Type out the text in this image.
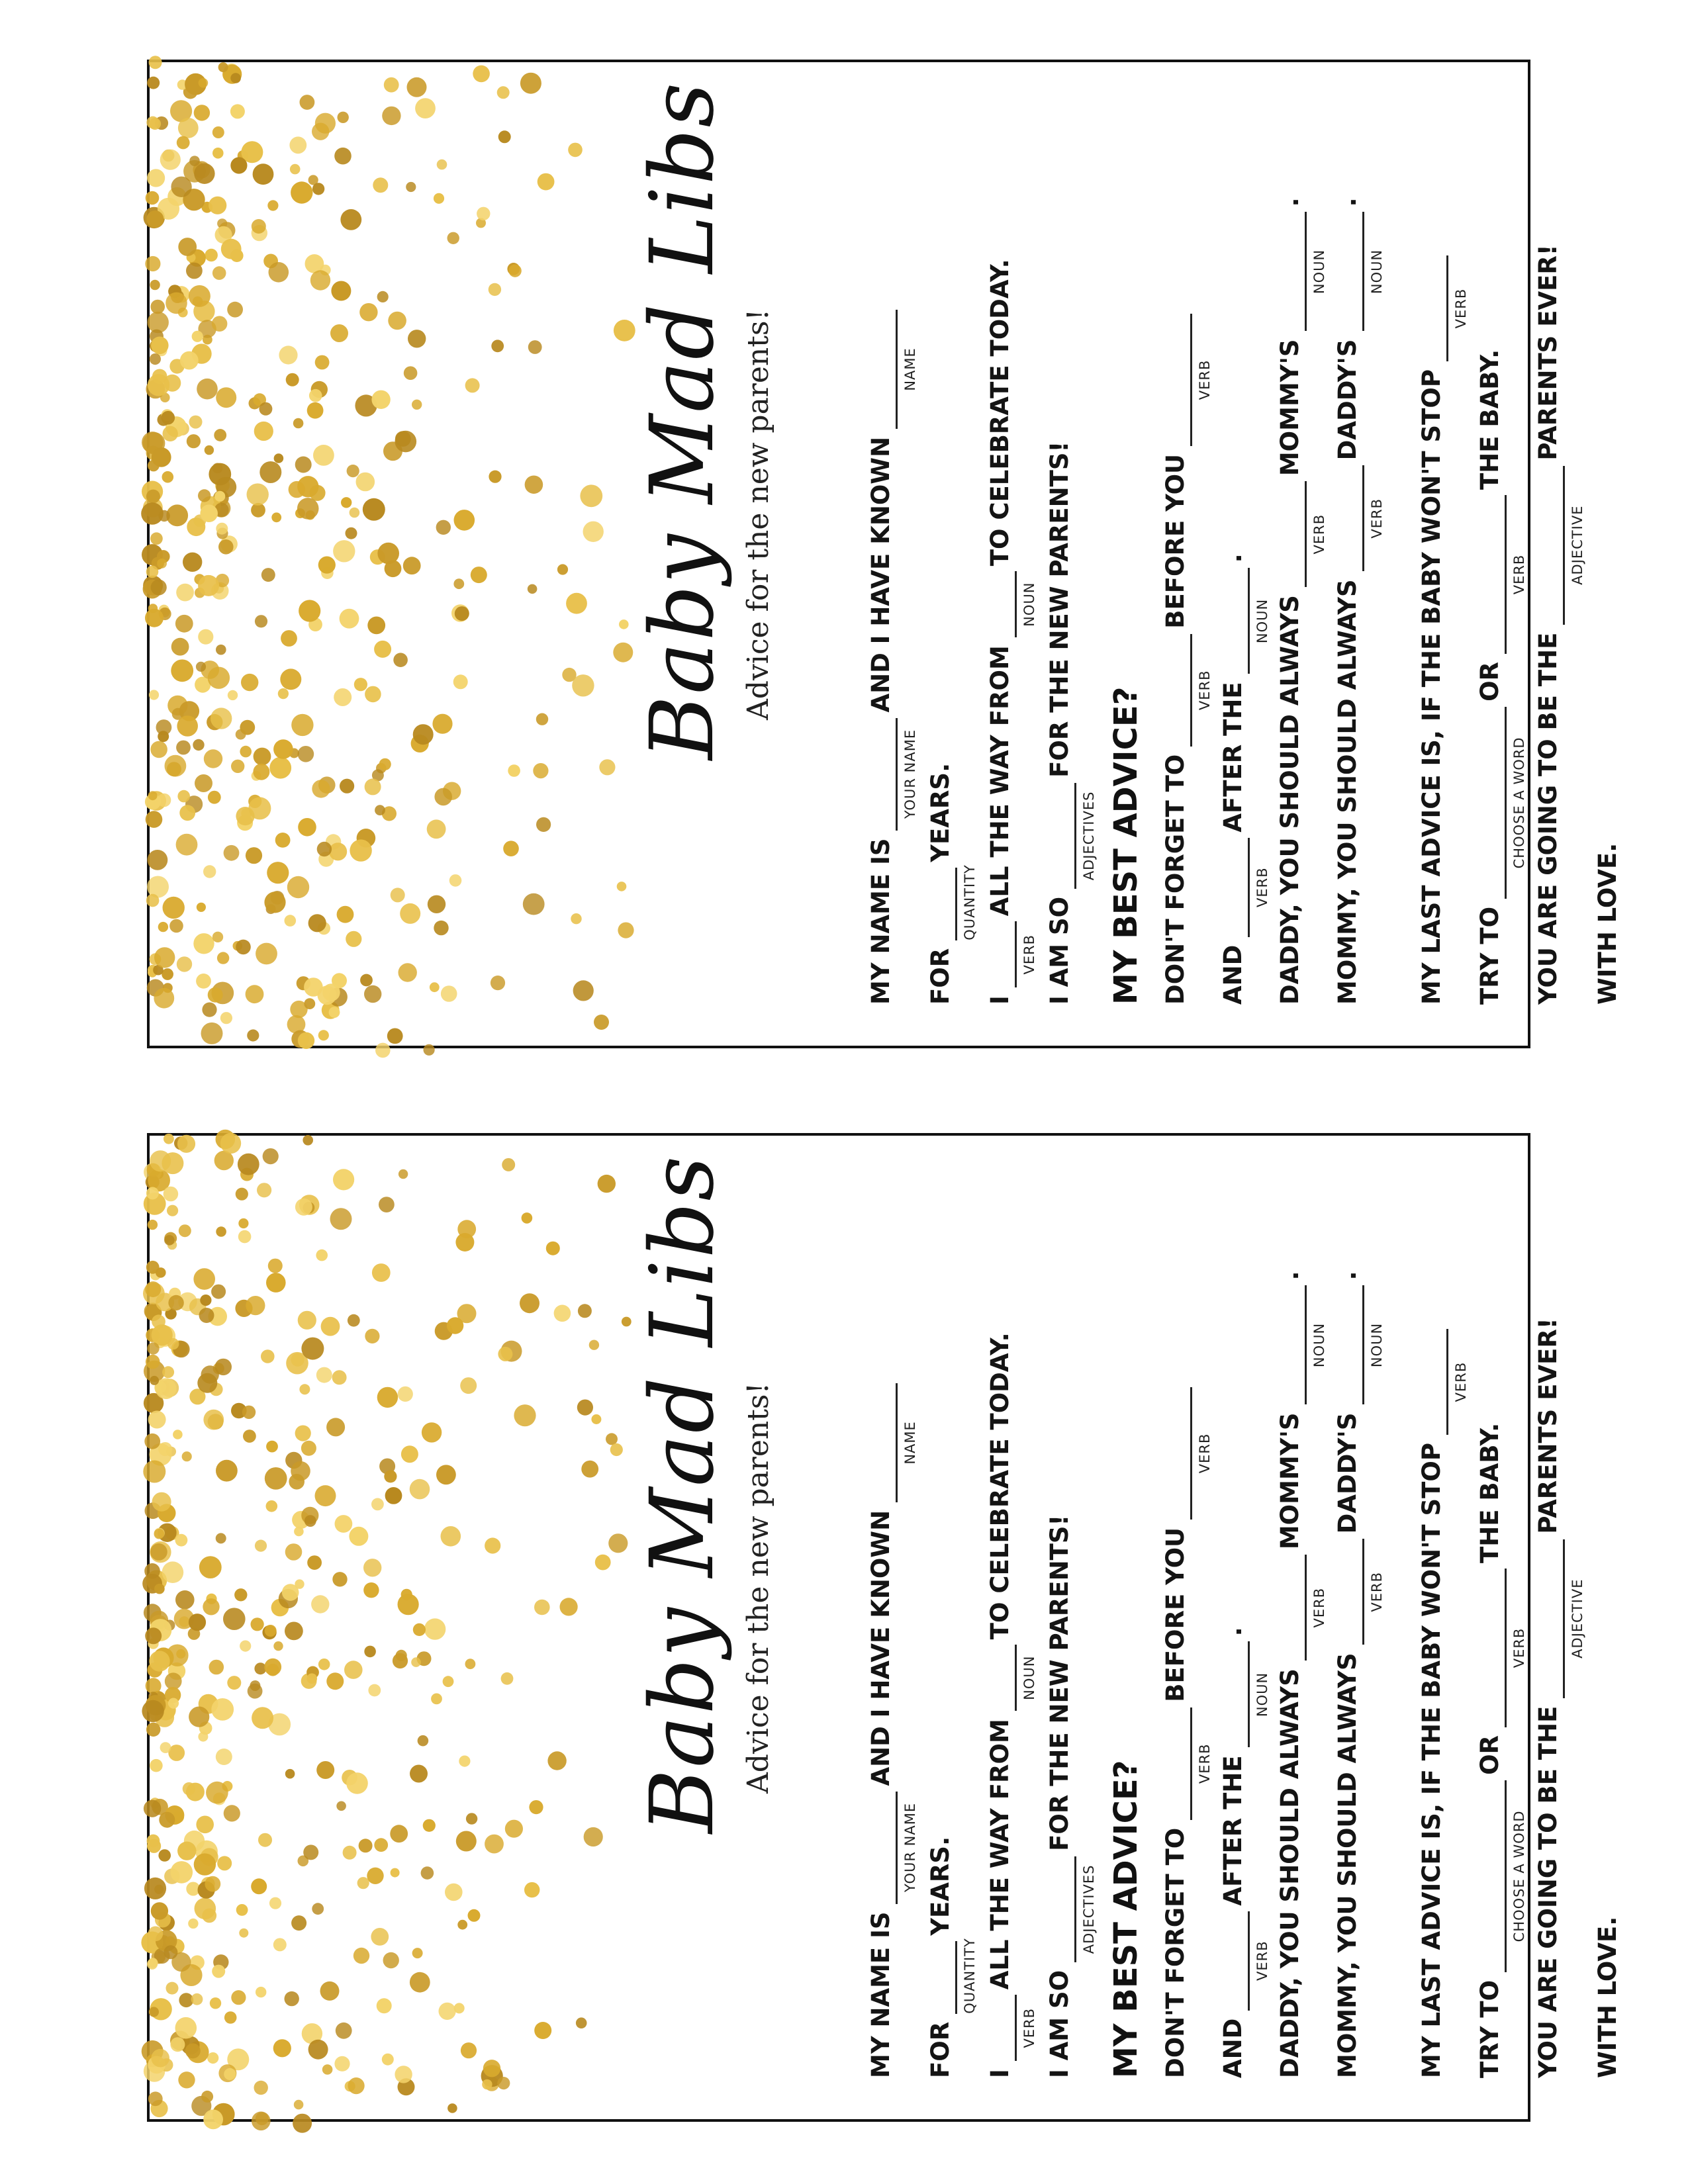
Baby Mad Libs Advice for the new parents!
MY NAME IS
YOUR NAME
AND I HAVE KNOWN
NAME
FOR
QUANTITY
YEARS.
I
VERB
ALL THE WAY FROM
NOUN
TO CELEBRATE TODAY.
I AM SO
ADJECTIVES
FOR THE NEW PARENTS!
MY BEST ADVICE? DON'T FORGET TO
VERB
BEFORE YOU
VERB
AND
VERB
AFTER THE
NOUN
.
DADDY, YOU SHOULD ALWAYS
VERB
MOMMY'S
NOUN
.
MOMMY, YOU SHOULD ALWAYS
VERB
DADDY'S
NOUN
.
MY LAST ADVICE IS, IF THE BABY WON'T STOP
VERB
TRY TO
CHOOSE A WORD
OR
VERB
THE BABY.
YOU ARE GOING TO BE THE
ADJECTIVE
PARENTS EVER!
WITH LOVE.
Baby Mad Libs Advice for the new parents!
MY NAME IS
YOUR NAME
AND I HAVE KNOWN
NAME
FOR
QUANTITY
YEARS.
I
VERB
ALL THE WAY FROM
NOUN
TO CELEBRATE TODAY.
I AM SO
ADJECTIVES
FOR THE NEW PARENTS!
MY BEST ADVICE? DON'T FORGET TO
VERB
BEFORE YOU
VERB
AND
VERB
AFTER THE
NOUN
.
DADDY, YOU SHOULD ALWAYS
VERB
MOMMY'S
NOUN
.
MOMMY, YOU SHOULD ALWAYS
VERB
DADDY'S
NOUN
.
MY LAST ADVICE IS, IF THE BABY WON'T STOP
VERB
TRY TO
CHOOSE A WORD
OR
VERB
THE BABY.
YOU ARE GOING TO BE THE
ADJECTIVE
PARENTS EVER!
WITH LOVE.
